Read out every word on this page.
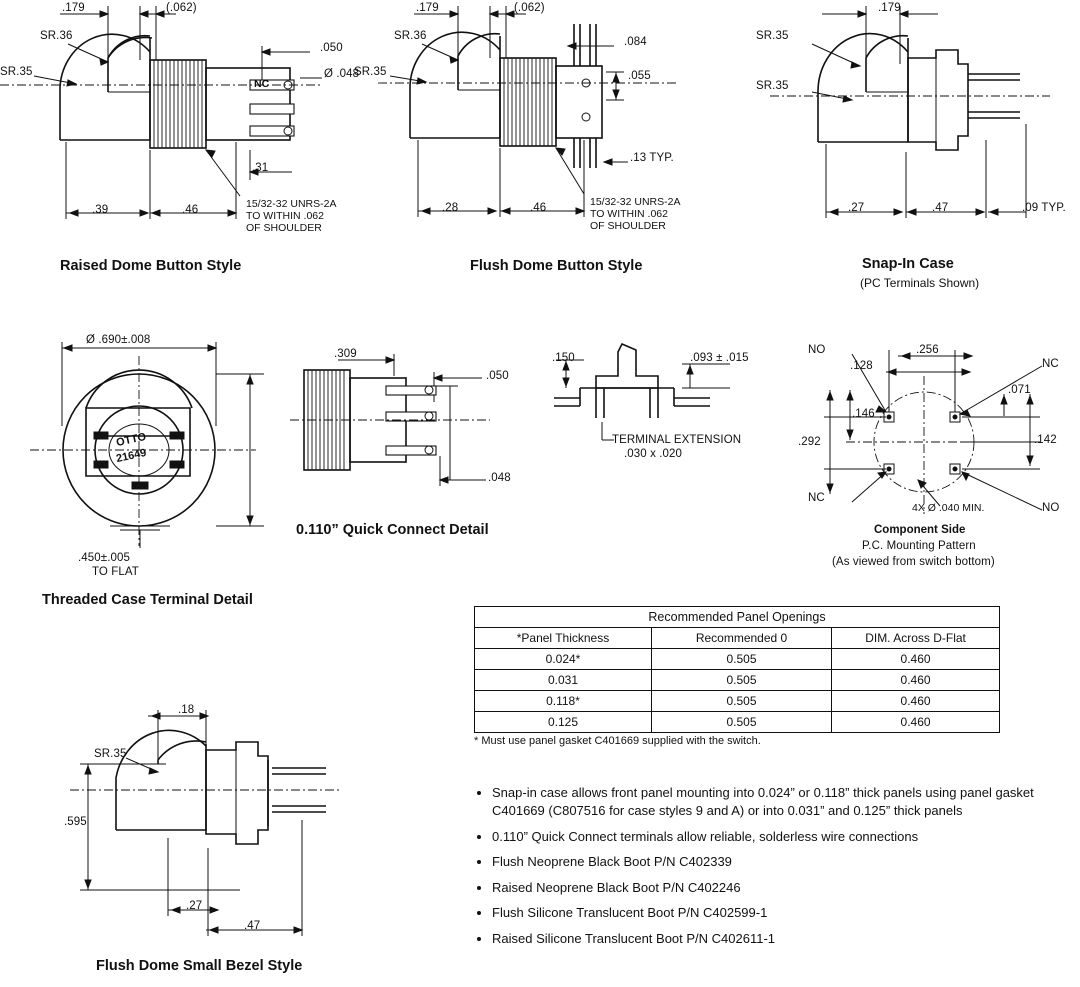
.179	(.062)
.050
Ø .048
.31
.39	.46
SR.36
SR.35
NC
15/32-32 UNRS-2A
TO WITHIN .062
OF SHOULDER
Raised Dome Button Style
.179	(.062)
.084
.055
.13 TYP.
.28	.46
SR.36
SR.35
15/32-32 UNRS-2A
TO WITHIN .062
OF SHOULDER
Flush Dome Button Style
.179
.27	.47	.09 TYP.
SR.35
SR.35
Snap-In Case
(PC Terminals Shown)
Ø .690±.008
.450±.005
TO FLAT
OTTO
21649
Threaded Case Terminal Detail
.309
.050
.048
0.110” Quick Connect Detail
.150	.093 ± .015
TERMINAL EXTENSION
.030 x .020
.256
.128
.071
.146
.142
.292
4X Ø .040 MIN.
NO
NC
NC
NO
Component Side
P.C. Mounting Pattern
(As viewed from switch bottom)
.18
.595
.27
.47
SR.35
Flush Dome Small Bezel Style
Recommended Panel Openings		
*Panel Thickness	Recommended 0	DIM. Across D-Flat
0.024*	0.505	0.460
0.031	0.505	0.460
0.118*	0.505	0.460
0.125	0.505	0.460
* Must use panel gasket C401669 supplied with the switch.
• Snap-in case allows front panel mounting into 0.024” or 0.118” thick panels using panel gasket C401669 (C807516 for case styles 9 and A) or into 0.031” and 0.125” thick panels
• 0.110” Quick Connect terminals allow reliable, solderless wire connections
• Flush Neoprene Black Boot P/N C402339
• Raised Neoprene Black Boot P/N C402246
• Flush Silicone Translucent Boot P/N C402599-1
• Raised Silicone Translucent Boot P/N C402611-1
